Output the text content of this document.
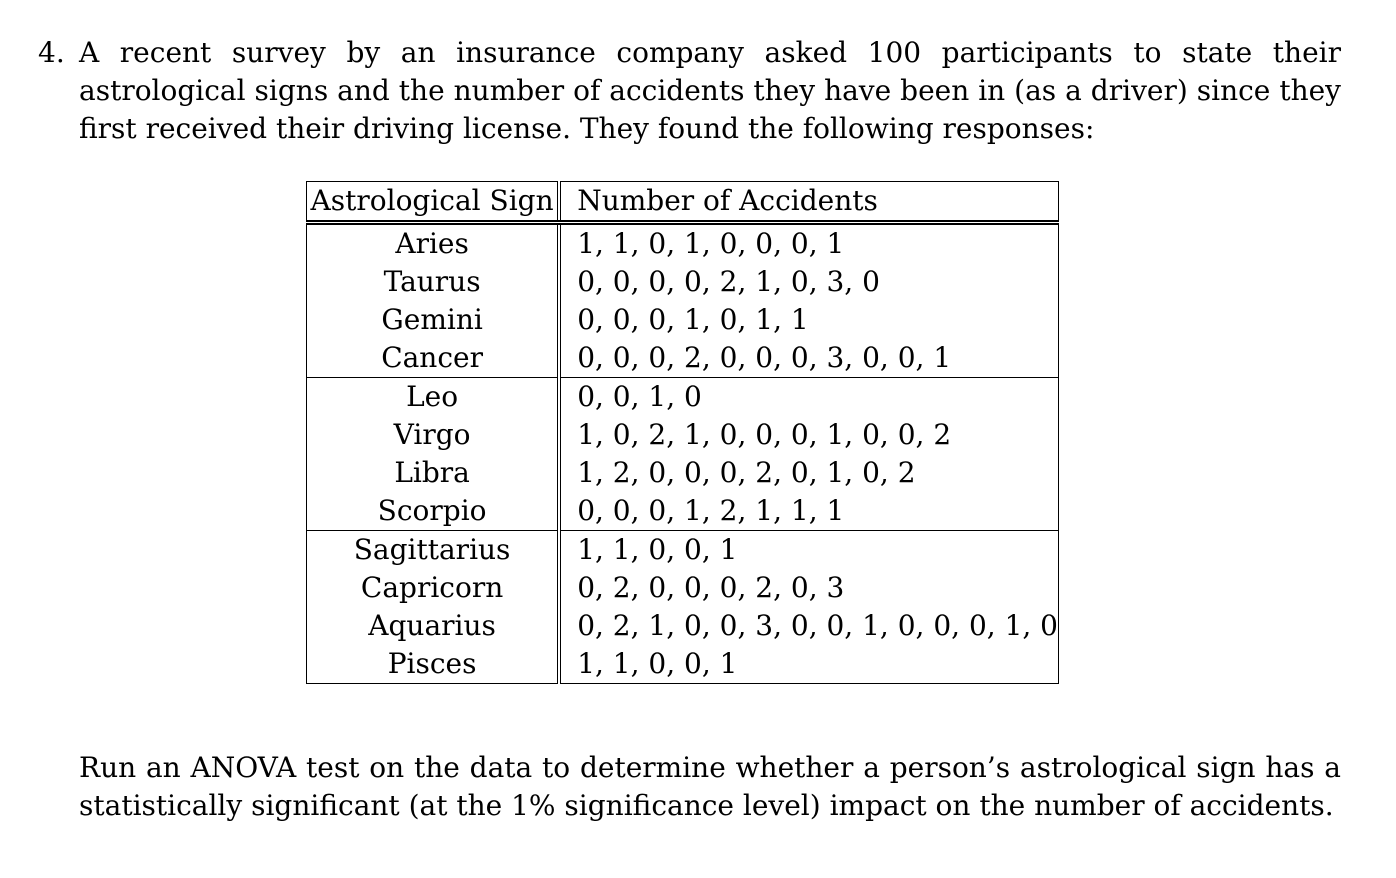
4. A recent survey by an insurance company asked 100 participants to state their astrological signs and the number of accidents they have been in (as a driver) since they first received their driving license. They found the following responses:
Astrological Sign	Number of Accidents
Aries	1, 1, 0, 1, 0, 0, 0, 1
Taurus	0, 0, 0, 0, 2, 1, 0, 3, 0
Gemini	0, 0, 0, 1, 0, 1, 1
Cancer	0, 0, 0, 2, 0, 0, 0, 3, 0, 0, 1
Leo	0, 0, 1, 0
Virgo	1, 0, 2, 1, 0, 0, 0, 1, 0, 0, 2
Libra	1, 2, 0, 0, 0, 2, 0, 1, 0, 2
Scorpio	0, 0, 0, 1, 2, 1, 1, 1
Sagittarius	1, 1, 0, 0, 1
Capricorn	0, 2, 0, 0, 0, 2, 0, 3
Aquarius	0, 2, 1, 0, 0, 3, 0, 0, 1, 0, 0, 0, 1, 0
Pisces	1, 1, 0, 0, 1
Run an ANOVA test on the data to determine whether a person’s astrological sign has a statistically significant (at the 1% significance level) impact on the number of accidents.
